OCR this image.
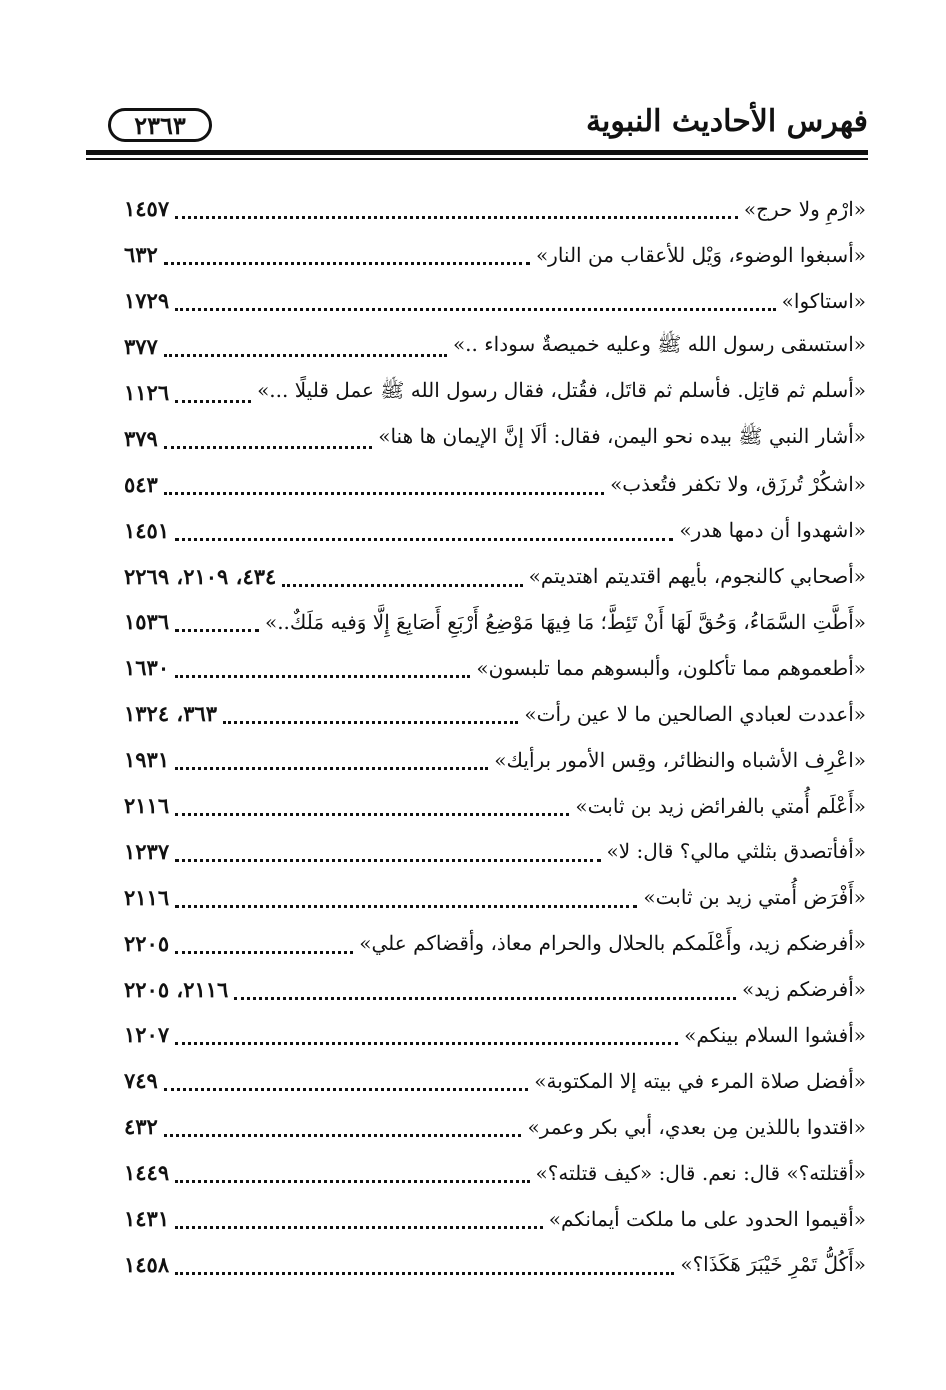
٢٣٦٣	فهرس الأحاديث النبوية
«ارْمِ ولا حرج»
١٤٥٧
«أسبغوا الوضوء، وَيْل للأعقاب من النار»
٦٣٢
«استاكوا»
١٧٢٩
«استسقى رسول الله ﷺ وعليه خميصةٌ سوداء ..»
٣٧٧
«أسلم ثم قاتِل. فأسلم ثم قاتَل، فقُتل، فقال رسول الله ﷺ عمل قليلًا ...»
١١٢٦
«أشار النبي ﷺ بيده نحو اليمن، فقال: ألَا إنَّ الإيمان ها هنا»
٣٧٩
«اشكُرْ تُرزَق، ولا تكفر فتُعذب»
٥٤٣
«اشهدوا أن دمها هدر»
١٤٥١
«أصحابي كالنجوم، بأيهم اقتديتم اهتديتم»
٤٣٤، ٢١٠٩، ٢٢٦٩
«أَطَّتِ السَّمَاءُ، وَحُقَّ لَهَا أَنْ تَئِطَّ؛ مَا فِيهَا مَوْضِعُ أَرْبَعِ أَصَابِعَ إِلَّا وَفيه مَلَكٌ..»
١٥٣٦
«أطعموهم مما تأكلون، وألبسوهم مما تلبسون»
١٦٣٠
«أعددت لعبادي الصالحين ما لا عين رأت»
٣٦٣، ١٣٢٤
«اعْرِف الأشباه والنظائر، وقِس الأمور برأيك»
١٩٣١
«أَعْلَم أُمتي بالفرائض زيد بن ثابت»
٢١١٦
«أفأتصدق بثلثي مالي؟ قال: لا»
١٢٣٧
«أَفْرَض أُمتي زيد بن ثابت»
٢١١٦
«أفرضكم زيد، وأَعْلَمكم بالحلال والحرام معاذ، وأقضاكم علي»
٢٢٠٥
«أفرضكم زيد»
٢١١٦، ٢٢٠٥
«أفشوا السلام بينكم»
١٢٠٧
«أفضل صلاة المرء في بيته إلا المكتوبة»
٧٤٩
«اقتدوا باللذين مِن بعدي، أبي بكر وعمر»
٤٣٢
«أقتلته؟» قال: نعم. قال: «كيف قتلته؟»
١٤٤٩
«أقيموا الحدود على ما ملكت أيمانكم»
١٤٣١
«أَكُلُّ تَمْرِ خَيْبَرَ هَكَذَا؟»
١٤٥٨
